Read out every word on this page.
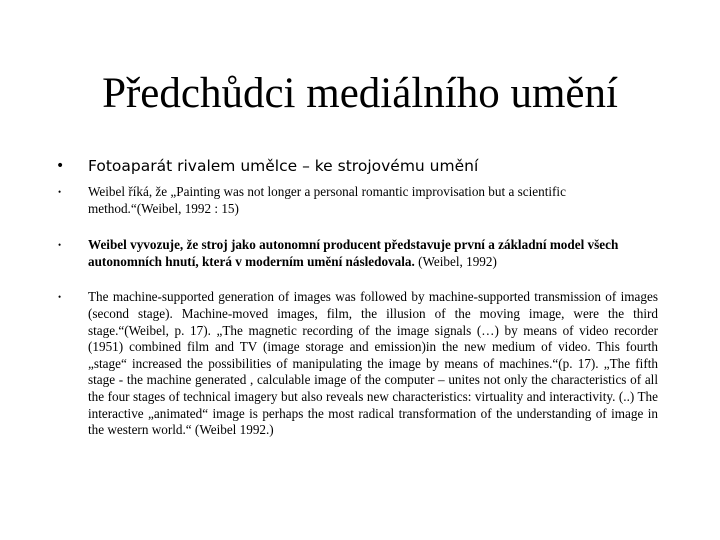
Předchůdci mediálního umění
•	Fotoaparát rivalem umělce – ke strojovému umění
•	Weibel říká, že „Painting was not longer a personal romantic improvisation but a scientific method.“(Weibel, 1992 : 15)
•	Weibel vyvozuje, že stroj jako autonomní producent představuje první a základní model všech autonomních hnutí, která v moderním umění následovala. (Weibel, 1992)
•	The machine-supported generation of images was followed by machine-supported transmission of images (second stage). Machine-moved images, film, the illusion of the moving image, were the third stage.“(Weibel, p. 17). „The magnetic recording of the image signals (…) by means of video recorder (1951) combined film and TV (image storage and emission)in the new medium of video. This fourth „stage“ increased the possibilities of manipulating the image by means of machines.“(p. 17). „The fifth stage - the machine generated , calculable image of the computer – unites not only the characteristics of all the four stages of technical imagery but also reveals new characteristics: virtuality and interactivity. (..) The interactive „animated“ image is perhaps the most radical transformation of the understanding of image in the western world.“ (Weibel 1992.)
